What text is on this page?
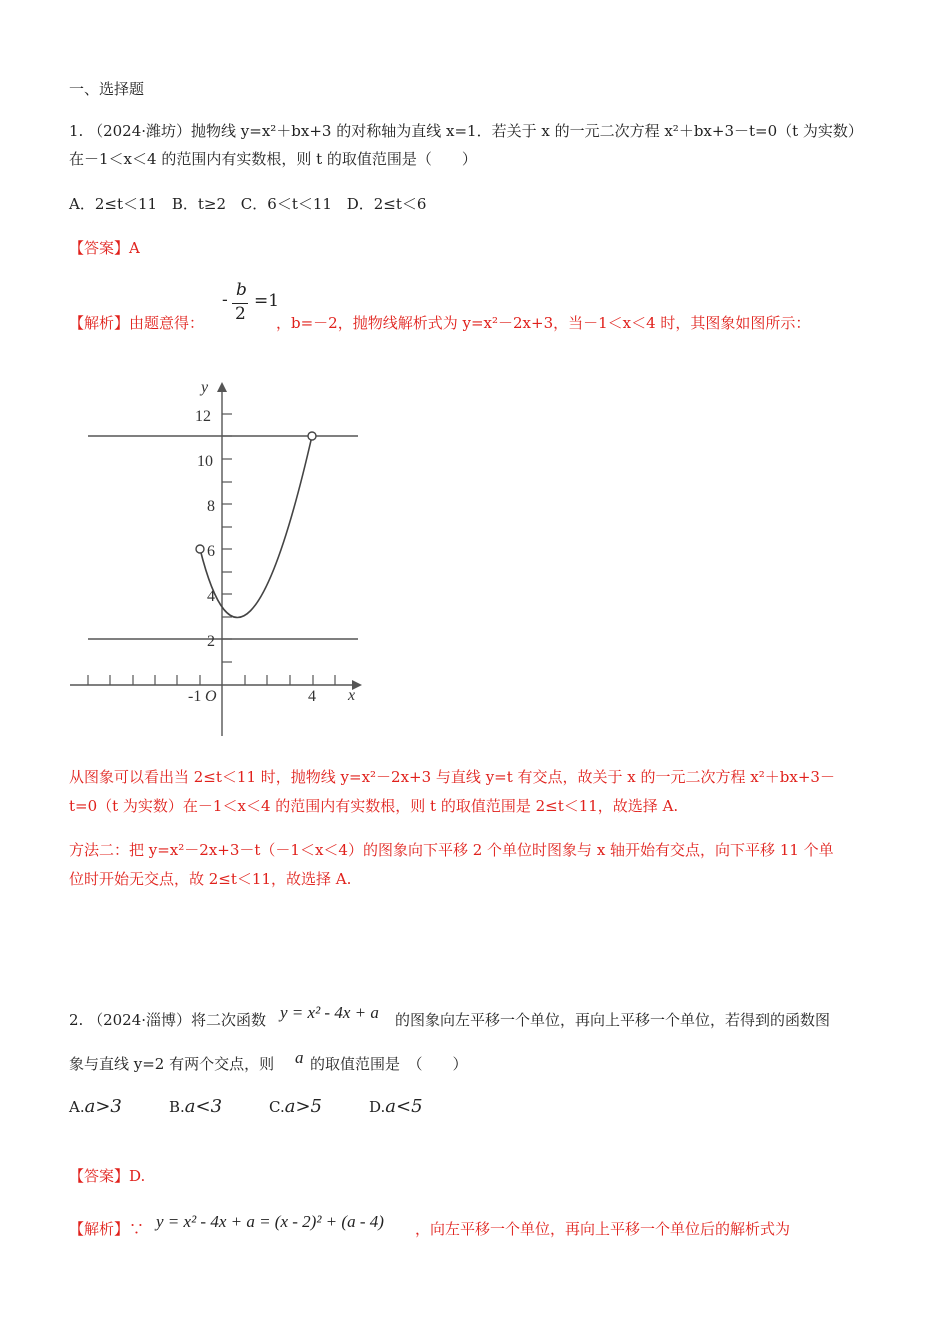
一、选择题
1. （2024·潍坊）抛物线 y=x²＋bx+3 的对称轴为直线 x=1．若关于 x 的一元二次方程 x²＋bx+3－t=0（t 为实数）
在－1＜x＜4 的范围内有实数根，则 t 的取值范围是（　　）
A．2≤t＜11 B．t≥2 C．6＜t＜11 D．2≤t＜6
【答案】A
【解析】由题意得：
- b
2
=1
，b=－2，抛物线解析式为 y=x²－2x+3，当－1＜x＜4 时，其图象如图所示：
y
x
12
10
8
6
4
2
-1 O	4
从图象可以看出当 2≤t＜11 时，抛物线 y=x²－2x+3 与直线 y=t 有交点，故关于 x 的一元二次方程 x²＋bx+3－
t=0（t 为实数）在－1＜x＜4 的范围内有实数根，则 t 的取值范围是 2≤t＜11，故选择 A.
方法二：把 y=x²－2x+3－t（－1＜x＜4）的图象向下平移 2 个单位时图象与 x 轴开始有交点，向下平移 11 个单
位时开始无交点，故 2≤t＜11，故选择 A.
2. （2024·淄博）将二次函数 y = x² - 4x + a 的图象向左平移一个单位，再向上平移一个单位，若得到的函数图
象与直线 y=2 有两个交点，则 a 的取值范围是　（　　）
A.a>3	B.a<3	C.a>5	D.a<5
【答案】D.
【解析】∵ y = x² - 4x + a = (x - 2)² + (a - 4) ，向左平移一个单位，再向上平移一个单位后的解析式为
